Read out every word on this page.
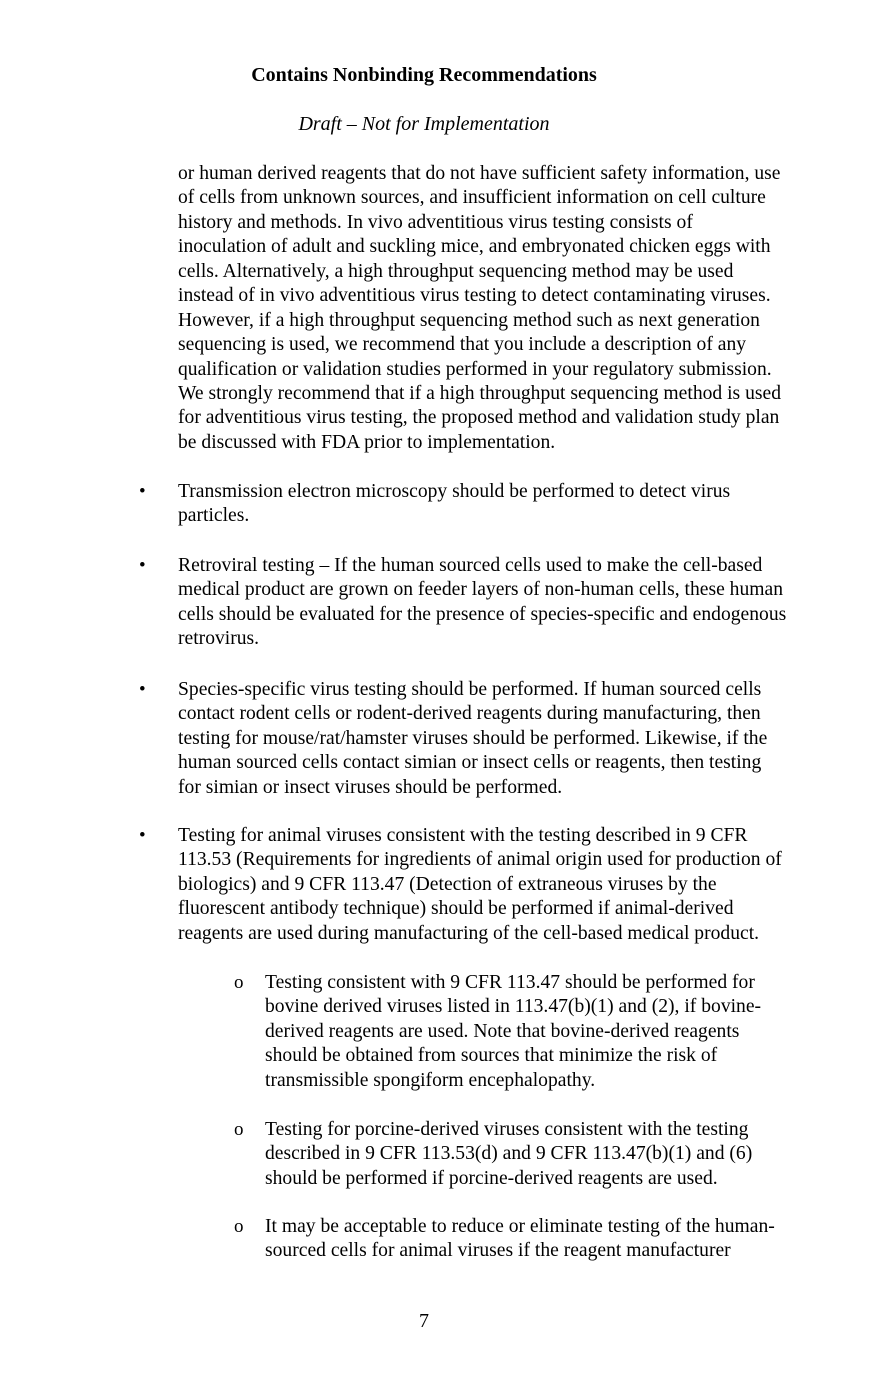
Contains Nonbinding Recommendations
Draft – Not for Implementation
or human derived reagents that do not have sufficient safety information, use
of cells from unknown sources, and insufficient information on cell culture
history and methods. In vivo adventitious virus testing consists of
inoculation of adult and suckling mice, and embryonated chicken eggs with
cells. Alternatively, a high throughput sequencing method may be used
instead of in vivo adventitious virus testing to detect contaminating viruses.
However, if a high throughput sequencing method such as next generation
sequencing is used, we recommend that you include a description of any
qualification or validation studies performed in your regulatory submission.
We strongly recommend that if a high throughput sequencing method is used
for adventitious virus testing, the proposed method and validation study plan
be discussed with FDA prior to implementation.
• Transmission electron microscopy should be performed to detect virus
particles.
• Retroviral testing – If the human sourced cells used to make the cell-based
medical product are grown on feeder layers of non-human cells, these human
cells should be evaluated for the presence of species-specific and endogenous
retrovirus.
• Species-specific virus testing should be performed. If human sourced cells
contact rodent cells or rodent-derived reagents during manufacturing, then
testing for mouse/rat/hamster viruses should be performed. Likewise, if the
human sourced cells contact simian or insect cells or reagents, then testing
for simian or insect viruses should be performed.
• Testing for animal viruses consistent with the testing described in 9 CFR
113.53 (Requirements for ingredients of animal origin used for production of
biologics) and 9 CFR 113.47 (Detection of extraneous viruses by the
fluorescent antibody technique) should be performed if animal-derived
reagents are used during manufacturing of the cell-based medical product.
o Testing consistent with 9 CFR 113.47 should be performed for
bovine derived viruses listed in 113.47(b)(1) and (2), if bovine-
derived reagents are used. Note that bovine-derived reagents
should be obtained from sources that minimize the risk of
transmissible spongiform encephalopathy.
o Testing for porcine-derived viruses consistent with the testing
described in 9 CFR 113.53(d) and 9 CFR 113.47(b)(1) and (6)
should be performed if porcine-derived reagents are used.
o It may be acceptable to reduce or eliminate testing of the human-
sourced cells for animal viruses if the reagent manufacturer
7
